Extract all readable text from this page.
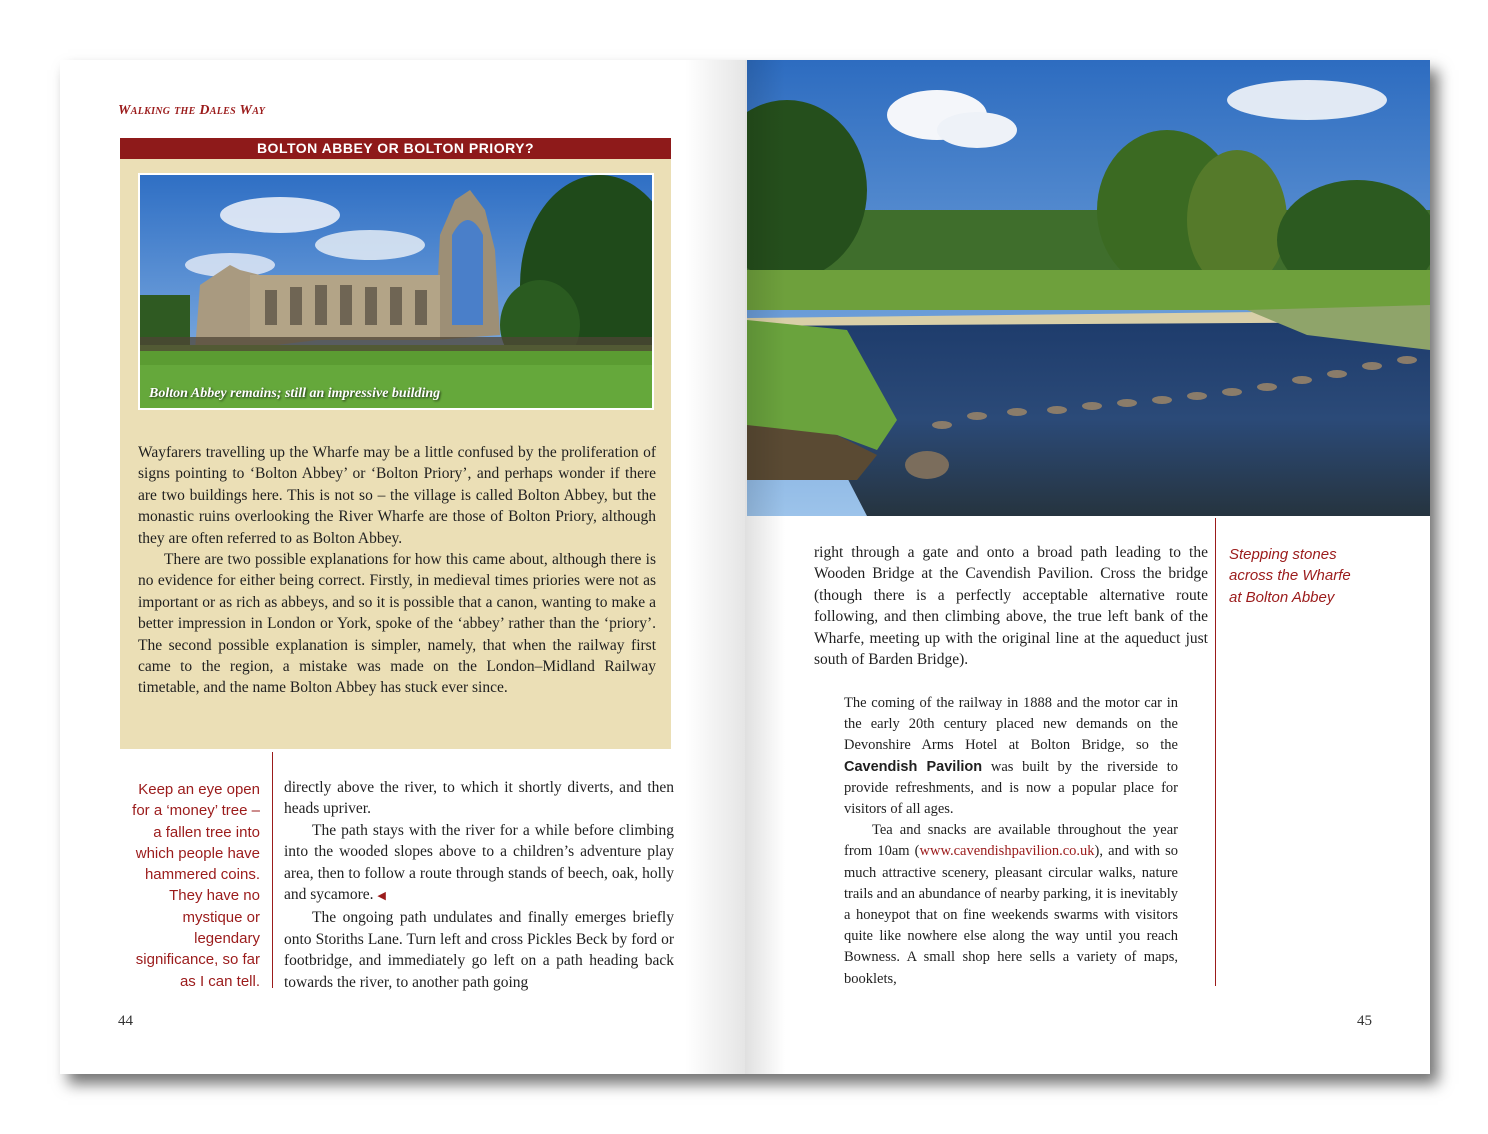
Walking the Dales Way
BOLTON ABBEY OR BOLTON PRIORY?
Bolton Abbey remains; still an impressive building

Wayfarers travelling up the Wharfe may be a little confused by the proliferation of signs pointing to ‘Bolton Abbey’ or ‘Bolton Priory’, and perhaps wonder if there are two buildings here. This is not so – the village is called Bolton Abbey, but the monastic ruins overlooking the River Wharfe are those of Bolton Priory, although they are often referred to as Bolton Abbey.

There are two possible explanations for how this came about, although there is no evidence for either being correct. Firstly, in medieval times priories were not as important or as rich as abbeys, and so it is possible that a canon, wanting to make a better impression in London or York, spoke of the ‘abbey’ rather than the ‘priory’. The second possible explanation is simpler, namely, that when the railway first came to the region, a mistake was made on the London–Midland Railway timetable, and the name Bolton Abbey has stuck ever since.

Keep an eye open for a ‘money’ tree – a fallen tree into which people have hammered coins. They have no mystique or legendary significance, so far as I can tell.

directly above the river, to which it shortly diverts, and then heads upriver.

The path stays with the river for a while before climbing into the wooded slopes above to a children’s adventure play area, then to follow a route through stands of beech, oak, holly and sycamore. ◀

The ongoing path undulates and finally emerges briefly onto Storiths Lane. Turn left and cross Pickles Beck by ford or footbridge, and immediately go left on a path heading back towards the river, to another path going

44
Stepping stones across the Wharfe at Bolton Abbey

right through a gate and onto a broad path leading to the Wooden Bridge at the Cavendish Pavilion. Cross the bridge (though there is a perfectly acceptable alternative route following, and then climbing above, the true left bank of the Wharfe, meeting up with the original line at the aqueduct just south of Barden Bridge).

The coming of the railway in 1888 and the motor car in the early 20th century placed new demands on the Devonshire Arms Hotel at Bolton Bridge, so the Cavendish Pavilion was built by the riverside to provide refreshments, and is now a popular place for visitors of all ages.

Tea and snacks are available throughout the year from 10am (www.cavendishpavilion.co.uk), and with so much attractive scenery, pleasant circular walks, nature trails and an abundance of nearby parking, it is inevitably a honeypot that on fine weekends swarms with visitors quite like nowhere else along the way until you reach Bowness. A small shop here sells a variety of maps, booklets,

45
